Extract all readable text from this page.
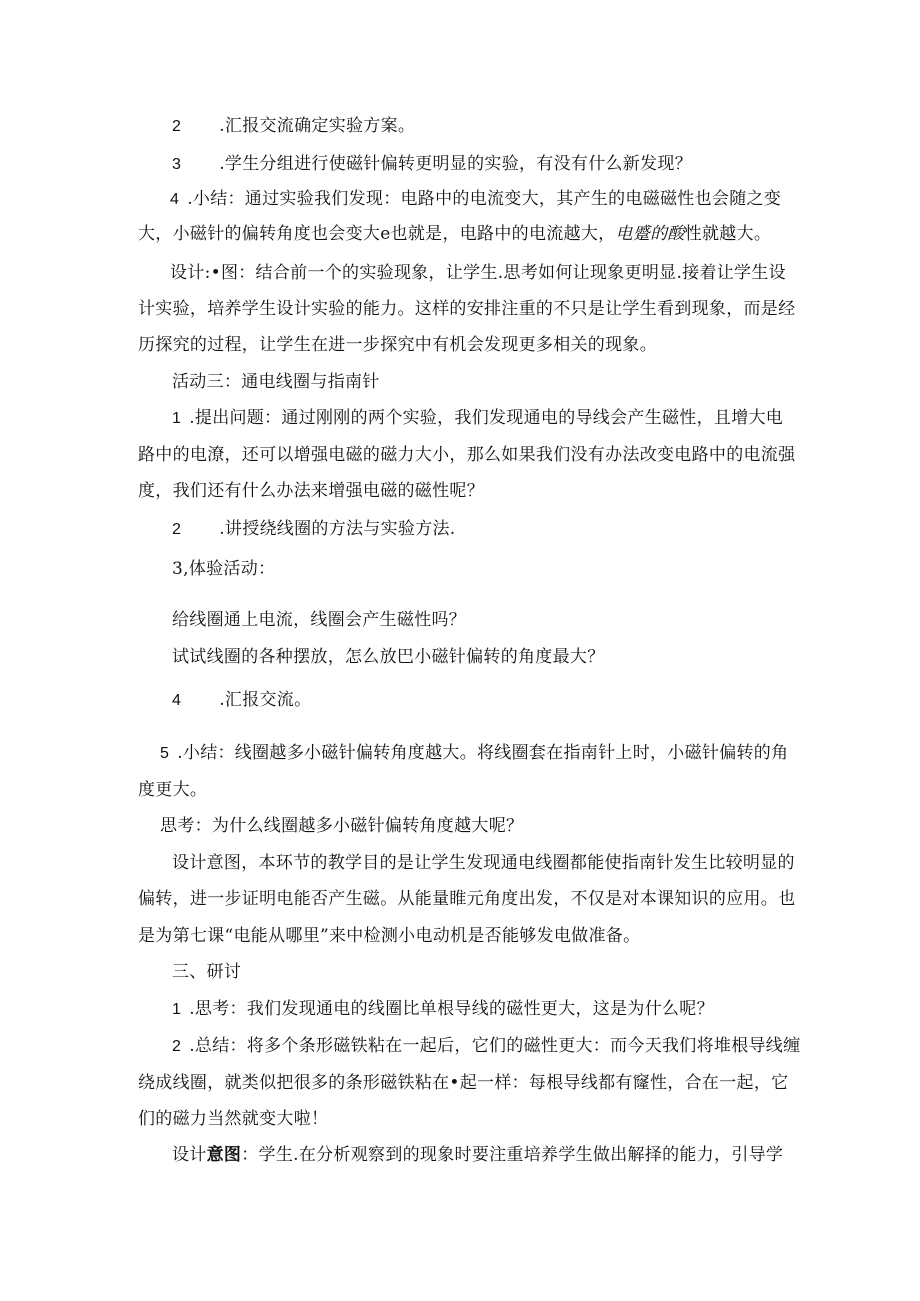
2 .汇报交流确定实验方案。

3 .学生分组进行使磁针偏转更明显的实验，有没有什么新发现？

4 .小结：通过实验我们发现：电路中的电流变大，其产生的电磁磁性也会随之变

大，小磁针的偏转角度也会变大e也就是，电路中的电流越大，电蹙的酸性就越大。

设计:•图：结合前一个的实验现象，让学生.思考如何让现象更明显.接着让学生设

计实验，培养学生设计实验的能力。这样的安排注重的不只是让学生看到现象，而是经

历探究的过程，让学生在进一步探究中有机会发现更多相关的现象。

活动三：通电线圈与指南针

1 .提出问题：通过刚刚的两个实验，我们发现通电的导线会产生磁性，且增大电

路中的电潦，还可以增强电磁的磁力大小，那么如果我们没有办法改变电路中的电流强

度，我们还有什么办法来增强电磁的磁性呢？

2 .讲授绕线圈的方法与实验方法.

3,体验活动：

给线圈通上电流，线圈会产生磁性吗？

试试线圈的各种摆放，怎么放巴小磁针偏转的角度最大？

4 .汇报交流。

5 .小结：线圈越多小磁针偏转角度越大。将线圈套在指南针上时，小磁针偏转的角

度更大。

思考：为什么线圈越多小磁针偏转角度越大呢？

设计意图，本环节的教学目的是让学生发现通电线圈都能使指南针发生比较明显的

偏转，进一步证明电能否产生磁。从能量睢元角度出发，不仅是对本课知识的应用。也

是为第七课“电能从哪里”来中检测小电动机是否能够发电做准备。

三、研讨

1 .思考：我们发现通电的线圈比单根导线的磁性更大，这是为什么呢？

2 .总结：将多个条形磁铁粘在一起后，它们的磁性更大：而今天我们将堆根导线缠

绕成线圈，就类似把很多的条形磁铁粘在•起一样：每根导线都有窿性，合在一起，它

们的磁力当然就变大啦！

设计意图：学生.在分析观察到的现象时要注重培养学生做出解择的能力，引导学
